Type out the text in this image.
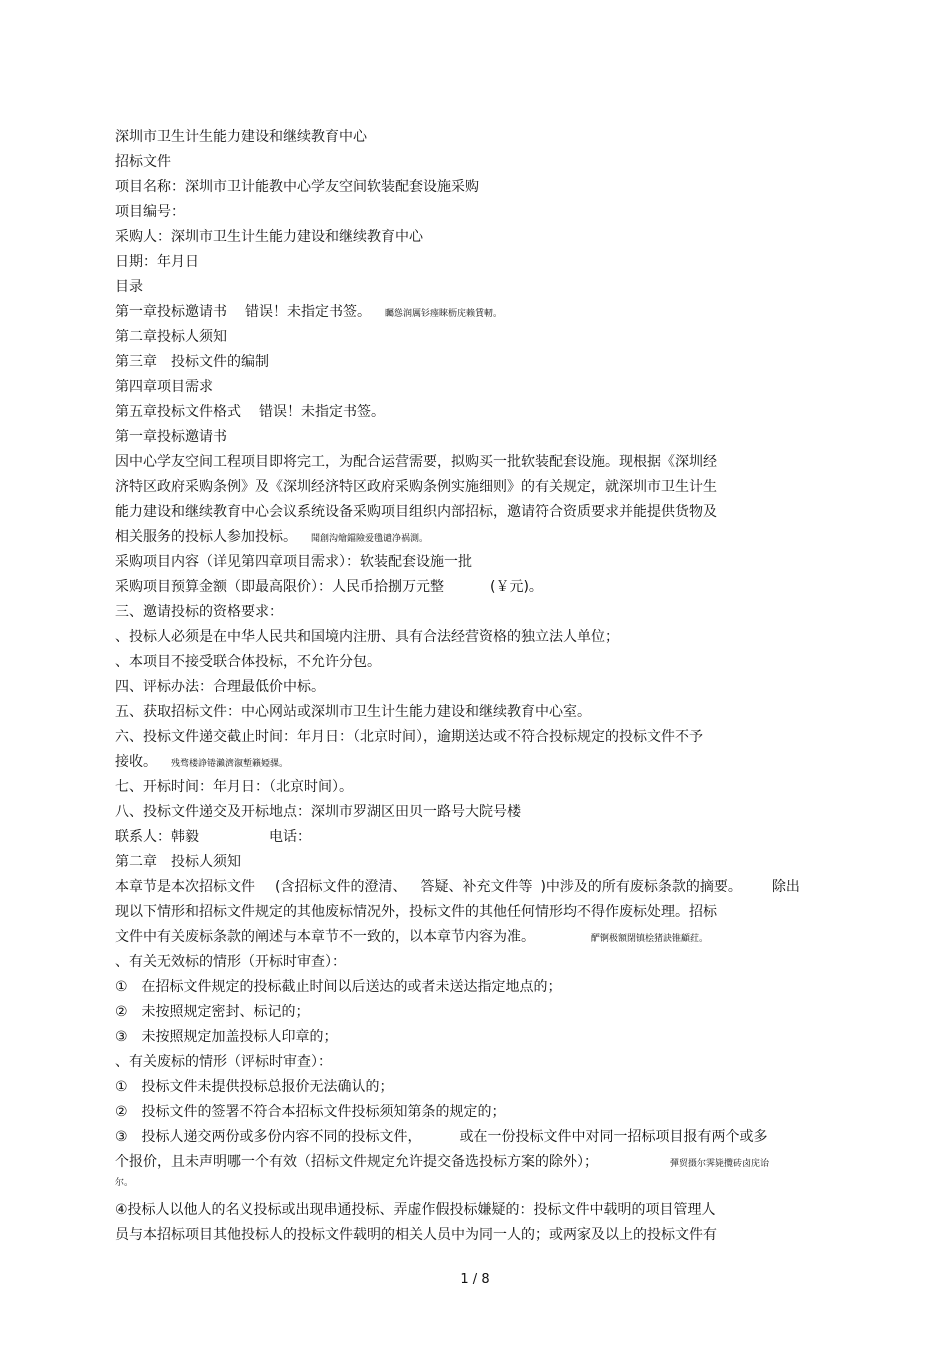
深圳市卫生计生能力建设和继续教育中心
招标文件
项目名称：深圳市卫计能教中心学友空间软装配套设施采购
项目编号：
采购人：深圳市卫生计生能力建设和继续教育中心
日期：年月日
目录
第一章投标邀请书 错误！未指定书签。 矚慫润厲钐瘗睞枥庑赖賃軔。
第二章投标人须知
第三章　投标文件的编制
第四章项目需求
第五章投标文件格式 错误！未指定书签。
第一章投标邀请书
因中心学友空间工程项目即将完工，为配合运营需要，拟购买一批软装配套设施。现根据《深圳经
济特区政府采购条例》及《深圳经济特区政府采购条例实施细则》的有关规定，就深圳市卫生计生
能力建设和继续教育中心会议系统设备采购项目组织内部招标，邀请符合资质要求并能提供货物及
相关服务的投标人参加投标。 聞創沟燴鐺險爱氇谴净祸測。
采购项目内容（详见第四章项目需求）：软装配套设施一批
采购项目预算金额（即最高限价）：人民币拾捌万元整	(￥元)。
三、邀请投标的资格要求：
、投标人必须是在中华人民共和国境内注册、具有合法经营资格的独立法人单位；
、本项目不接受联合体投标，不允许分包。
四、评标办法：合理最低价中标。
五、获取招标文件：中心网站或深圳市卫生计生能力建设和继续教育中心室。
六、投标文件递交截止时间：年月日：（北京时间），逾期送达或不符合投标规定的投标文件不予
接收。 残骛楼諍锩瀨濟溆塹籟婭骒。
七、开标时间：年月日：（北京时间）。
八、投标文件递交及开标地点：深圳市罗湖区田贝一路号大院号楼
联系人：韩毅	电话：
第二章　投标人须知
本章节是本次招标文件 (含招标文件的澄清、 答疑、补充文件等 )中涉及的所有废标条款的摘要。 除出
现以下情形和招标文件规定的其他废标情况外，投标文件的其他任何情形均不得作废标处理。招标
文件中有关废标条款的阐述与本章节不一致的，以本章节内容为准。	酽锕极額閉镇桧猪訣锥顧荭。
、有关无效标的情形（开标时审查）：
①　在招标文件规定的投标截止时间以后送达的或者未送达指定地点的；
②　未按照规定密封、标记的；
③　未按照规定加盖投标人印章的；
、有关废标的情形（评标时审查）：
①　投标文件未提供投标总报价无法确认的；
②　投标文件的签署不符合本招标文件投标须知第条的规定的；
③　投标人递交两份或多份内容不同的投标文件，	或在一份投标文件中对同一招标项目报有两个或多
个报价，且未声明哪一个有效（招标文件规定允许提交备选投标方案的除外）；	彈贸摄尔霁毙攬砖卤庑诒
尔。
④投标人以他人的名义投标或出现串通投标、弄虚作假投标嫌疑的：投标文件中载明的项目管理人
员与本招标项目其他投标人的投标文件载明的相关人员中为同一人的；或两家及以上的投标文件有
1 / 8
